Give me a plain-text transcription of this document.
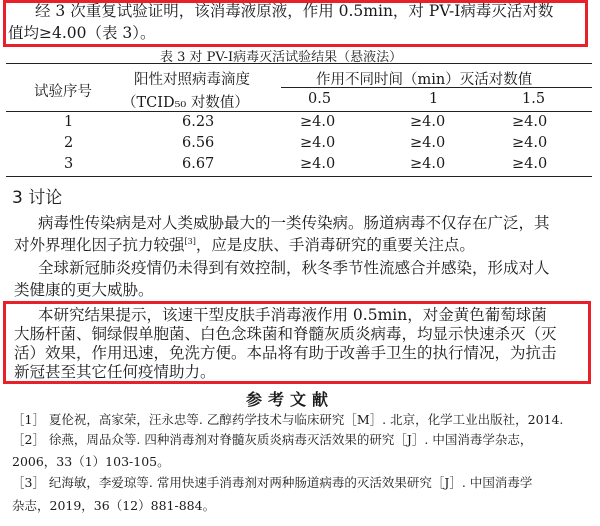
经 3 次重复试验证明，该消毒液原液，作用 0.5min，对 PV-Ⅰ病毒灭活对数
值均≥4.00（表 3）。
表 3 对 PV-Ⅰ病毒灭活试验结果（悬液法）
试验序号
阳性对照病毒滴度
（TCID₅₀ 对数值）
作用不同时间（min）灭活对数值
0.5	1	1.5
1	6.23	≥4.0	≥4.0	≥4.0
2	6.56	≥4.0	≥4.0	≥4.0
3	6.67	≥4.0	≥4.0	≥4.0
3 讨论
病毒性传染病是对人类威胁最大的一类传染病。肠道病毒不仅存在广泛，其
对外界理化因子抗力较强[3]，应是皮肤、手消毒研究的重要关注点。
全球新冠肺炎疫情仍未得到有效控制，秋冬季节性流感合并感染，形成对人
类健康的更大威胁。
本研究结果提示，该速干型皮肤手消毒液作用 0.5min，对金黄色葡萄球菌
大肠杆菌、铜绿假单胞菌、白色念珠菌和脊髓灰质炎病毒，均显示快速杀灭（灭
活）效果，作用迅速，免洗方便。本品将有助于改善手卫生的执行情况，为抗击
新冠甚至其它任何疫情助力。
参考文献
［1］ 夏伦祝，高家荣，汪永忠等. 乙醇药学技术与临床研究［M］. 北京，化学工业出版社，2014.
［2］ 徐燕，周品众等. 四种消毒剂对脊髓灰质炎病毒灭活效果的研究［J］. 中国消毒学杂志，
2006，33（1）103-105。
［3］ 纪海敏，李爱琼等. 常用快速手消毒剂对两种肠道病毒的灭活效果研究［J］. 中国消毒学
杂志，2019，36（12）881-884。
